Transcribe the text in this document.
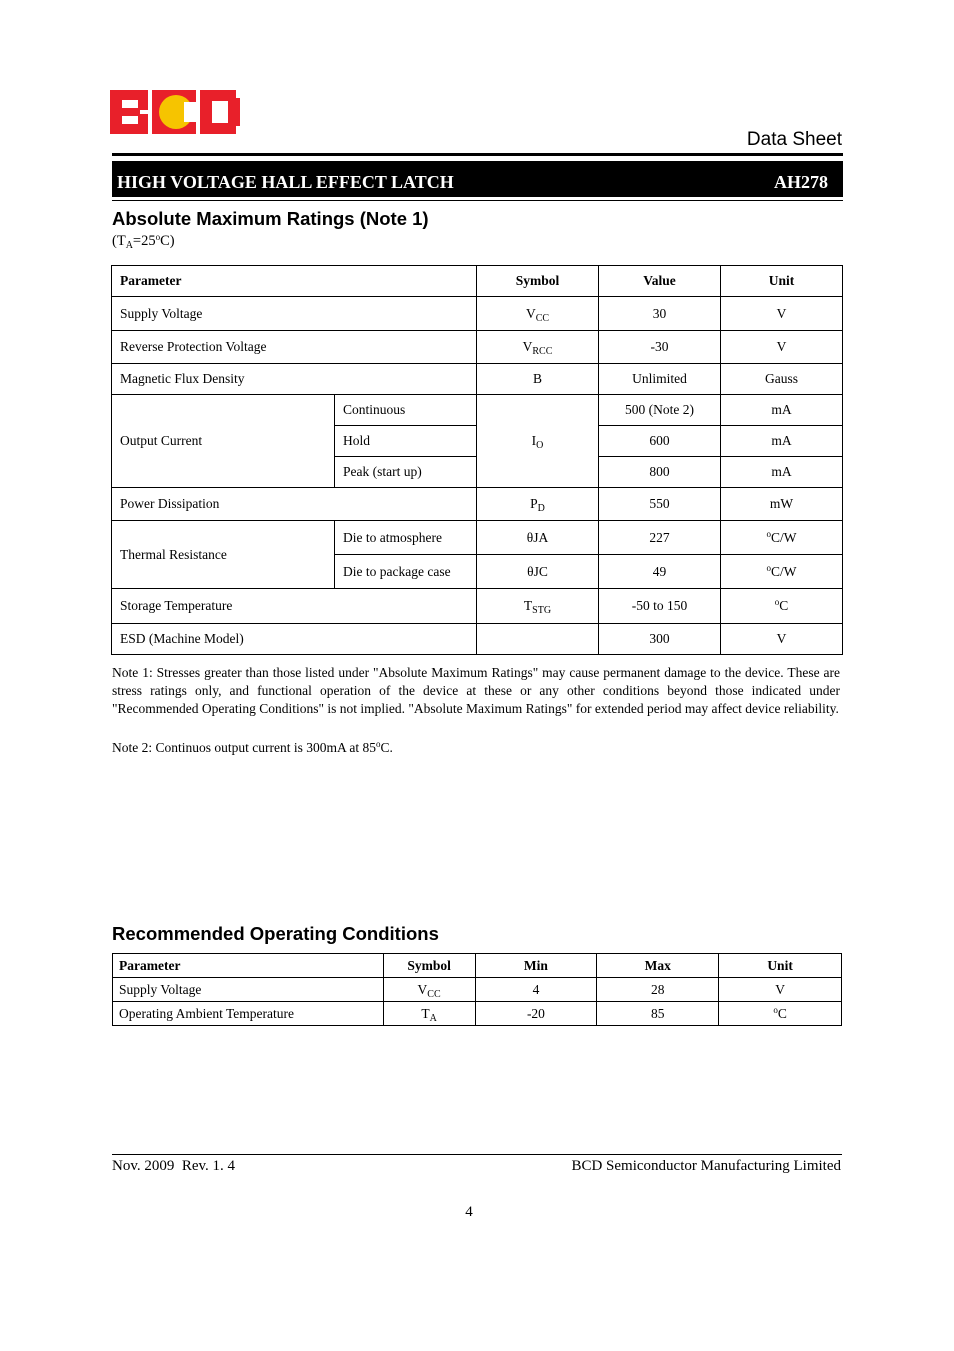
Data Sheet
HIGH VOLTAGE HALL EFFECT LATCH	AH278
Absolute Maximum Ratings (Note 1)
$(T_A=25^oC)$
Parameter		Symbol	Value	Unit
Supply Voltage		$V_{CC}$	30	V
Reverse Protection Voltage		$V_{RCC}$	-30	V
Magnetic Flux Density		B	Unlimited	Gauss
Output Current	Continuous	$I_O$	500 (Note 2)	mA
	Hold		600	mA
	Peak (start up)		800	mA
Power Dissipation		$P_D$	550	mW
Thermal Resistance	Die to atmosphere	θJA	227	$^o$C/W
	Die to package case	θJC	49	$^o$C/W
Storage Temperature		$T_{STG}$	-50 to 150	$^o$C
ESD (Machine Model)			300	V
Note 1: Stresses greater than those listed under "Absolute Maximum Ratings" may cause permanent damage to the device. These are stress ratings only, and functional operation of the device at these or any other conditions beyond those indicated under "Recommended Operating Conditions" is not implied. "Absolute Maximum Ratings" for extended period may affect device reliability.
Note 2: Continuos output current is 300mA at 85$^o$C.
Recommended Operating Conditions
Parameter	Symbol	Min	Max	Unit
Supply Voltage	$V_{CC}$	4	28	V
Operating Ambient Temperature	$T_A$	-20	85	$^o$C
Nov. 2009  Rev. 1. 4	BCD Semiconductor Manufacturing Limited
4
